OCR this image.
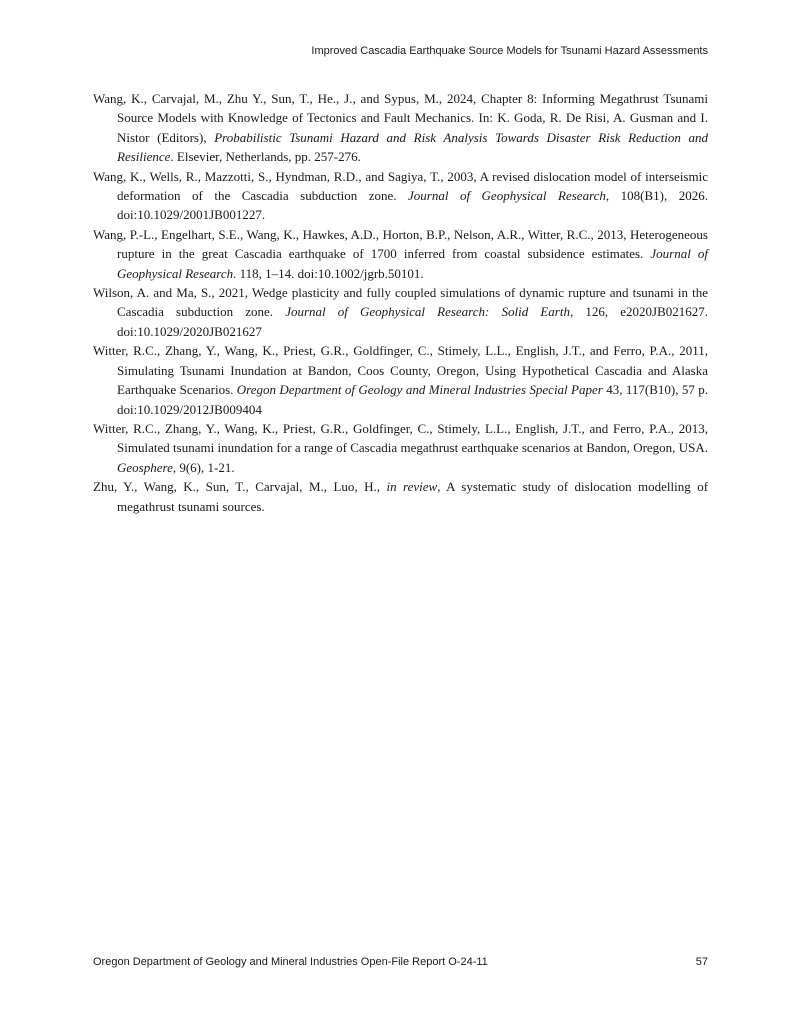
Improved Cascadia Earthquake Source Models for Tsunami Hazard Assessments

Wang, K., Carvajal, M., Zhu Y., Sun, T., He., J., and Sypus, M., 2024, Chapter 8: Informing Megathrust Tsunami Source Models with Knowledge of Tectonics and Fault Mechanics. In: K. Goda, R. De Risi, A. Gusman and I. Nistor (Editors), Probabilistic Tsunami Hazard and Risk Analysis Towards Disaster Risk Reduction and Resilience. Elsevier, Netherlands, pp. 257-276.

Wang, K., Wells, R., Mazzotti, S., Hyndman, R.D., and Sagiya, T., 2003, A revised dislocation model of interseismic deformation of the Cascadia subduction zone. Journal of Geophysical Research, 108(B1), 2026. doi:10.1029/2001JB001227.

Wang, P.-L., Engelhart, S.E., Wang, K., Hawkes, A.D., Horton, B.P., Nelson, A.R., Witter, R.C., 2013, Heterogeneous rupture in the great Cascadia earthquake of 1700 inferred from coastal subsidence estimates. Journal of Geophysical Research. 118, 1–14. doi:10.1002/jgrb.50101.

Wilson, A. and Ma, S., 2021, Wedge plasticity and fully coupled simulations of dynamic rupture and tsunami in the Cascadia subduction zone. Journal of Geophysical Research: Solid Earth, 126, e2020JB021627. doi:10.1029/2020JB021627

Witter, R.C., Zhang, Y., Wang, K., Priest, G.R., Goldfinger, C., Stimely, L.L., English, J.T., and Ferro, P.A., 2011, Simulating Tsunami Inundation at Bandon, Coos County, Oregon, Using Hypothetical Cascadia and Alaska Earthquake Scenarios. Oregon Department of Geology and Mineral Industries Special Paper 43, 117(B10), 57 p. doi:10.1029/2012JB009404

Witter, R.C., Zhang, Y., Wang, K., Priest, G.R., Goldfinger, C., Stimely, L.L., English, J.T., and Ferro, P.A., 2013, Simulated tsunami inundation for a range of Cascadia megathrust earthquake scenarios at Bandon, Oregon, USA. Geosphere, 9(6), 1-21.

Zhu, Y., Wang, K., Sun, T., Carvajal, M., Luo, H., in review, A systematic study of dislocation modelling of megathrust tsunami sources.

Oregon Department of Geology and Mineral Industries Open-File Report O-24-11	57
